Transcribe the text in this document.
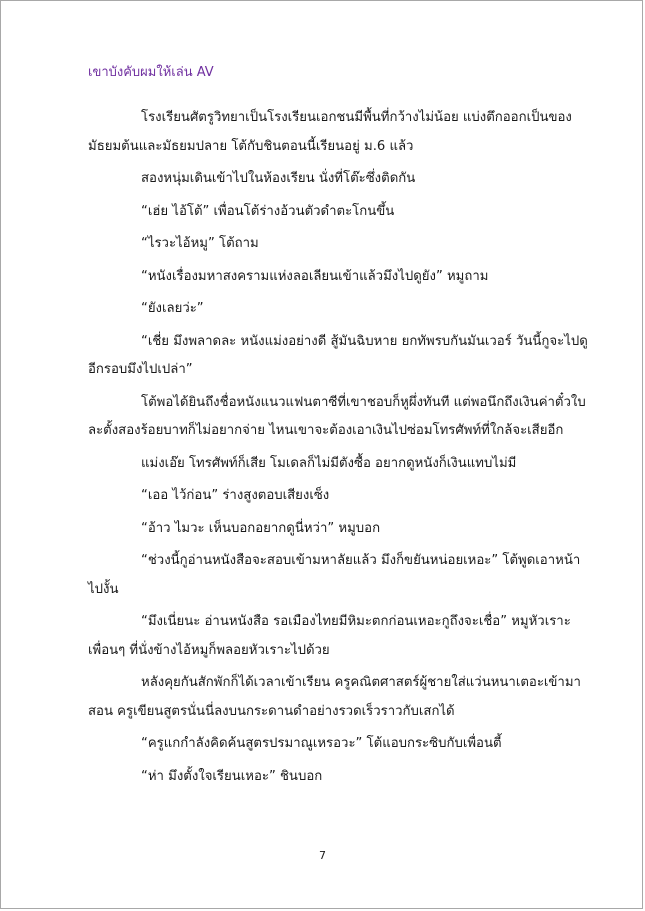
เขาบังคับผมให้เล่น AV

โรงเรียนศัตรูวิทยาเป็นโรงเรียนเอกชนมีพื้นที่กว้างไม่น้อย แบ่งตึกออกเป็นของมัธยมต้นและมัธยมปลาย โต้กับชินตอนนี้เรียนอยู่ ม.6 แล้ว

สองหนุ่มเดินเข้าไปในห้องเรียน นั่งที่โต๊ะซึ่งติดกัน

“เฮ่ย ไอ้โต้” เพื่อนโต้ร่างอ้วนตัวดำตะโกนขึ้น

“ไรวะไอ้หมู” โต้ถาม

“หนังเรื่องมหาสงครามแห่งลอเลียนเข้าแล้วมึงไปดูยัง” หมูถาม

“ยังเลยว่ะ”

“เชี่ย มึงพลาดละ หนังแม่งอย่างดี สู้มันฉิบหาย ยกทัพรบกันมันเวอร์ วันนี้กูจะไปดูอีกรอบมึงไปเปล่า”

โต้พอได้ยินถึงชื่อหนังแนวแฟนตาซีที่เขาชอบก็หูผึ่งทันที แต่พอนึกถึงเงินค่าตั๋วใบละตั้งสองร้อยบาทก็ไม่อยากจ่าย ไหนเขาจะต้องเอาเงินไปซ่อมโทรศัพท์ที่ใกล้จะเสียอีก

แม่งเอ๊ย โทรศัพท์ก็เสีย โมเดลก็ไม่มีตังซื้อ อยากดูหนังก็เงินแทบไม่มี

“เออ ไว้ก่อน” ร่างสูงตอบเสียงเซ็ง

“อ้าว ไมวะ เห็นบอกอยากดูนี่หว่า” หมูบอก

“ช่วงนี้กูอ่านหนังสือจะสอบเข้ามหาลัยแล้ว มึงก็ขยันหน่อยเหอะ” โต้พูดเอาหน้าไปงั้น

“มึงเนี่ยนะ อ่านหนังสือ รอเมืองไทยมีหิมะตกก่อนเหอะกูถึงจะเชื่อ” หมูหัวเราะ เพื่อนๆ ที่นั่งข้างไอ้หมูก็พลอยหัวเราะไปด้วย

หลังคุยกันสักพักก็ได้เวลาเข้าเรียน ครูคณิตศาสตร์ผู้ชายใส่แว่นหนาเตอะเข้ามาสอน ครูเขียนสูตรนั่นนี่ลงบนกระดานดำอย่างรวดเร็วราวกับเสกได้

“ครูแกกำลังคิดค้นสูตรปรมาณูเหรอวะ” โต้แอบกระซิบกับเพื่อนตี้

“ห่า มึงตั้งใจเรียนเหอะ” ชินบอก

7
